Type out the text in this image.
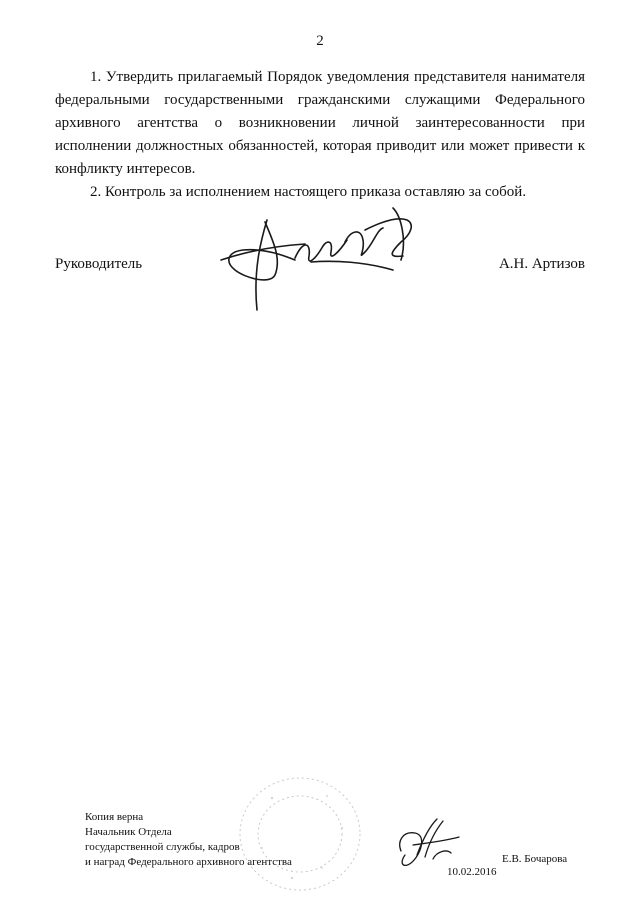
2

1. Утвердить прилагаемый Порядок уведомления представителя нанимателя федеральными государственными гражданскими служащими Федерального архивного агентства о возникновении личной заинтересованности при исполнении должностных обязанностей, которая приводит или может привести к конфликту интересов.

2. Контроль за исполнением настоящего приказа оставляю за собой.

Руководитель	А.Н. Артизов
Копия верна
Начальник Отдела
государственной службы, кадров
и наград Федерального архивного агентства
10.02.2016
Е.В. Бочарова
